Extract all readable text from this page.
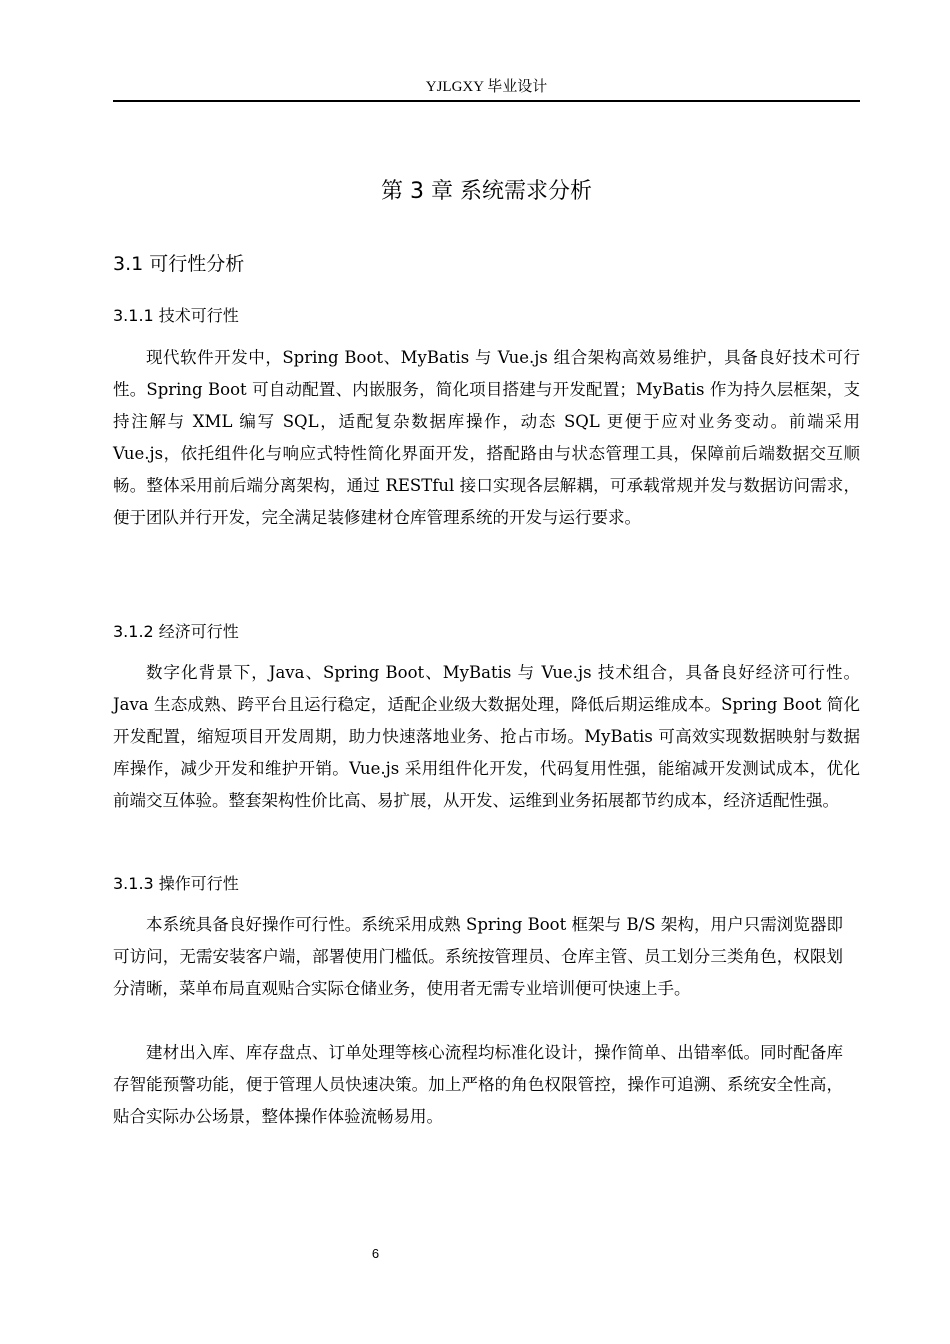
YJLGXY 毕业设计
第 3 章 系统需求分析
3.1 可行性分析
3.1.1 技术可行性

现代软件开发中，Spring Boot、MyBatis 与 Vue.js 组合架构高效易维护，具备良好技术可行性。Spring Boot 可自动配置、内嵌服务，简化项目搭建与开发配置；MyBatis 作为持久层框架，支持注解与 XML 编写 SQL，适配复杂数据库操作，动态 SQL 更便于应对业务变动。前端采用 Vue.js，依托组件化与响应式特性简化界面开发，搭配路由与状态管理工具，保障前后端数据交互顺畅。整体采用前后端分离架构，通过 RESTful 接口实现各层解耦，可承载常规并发与数据访问需求，便于团队并行开发，完全满足装修建材仓库管理系统的开发与运行要求。

3.1.2 经济可行性

数字化背景下，Java、Spring Boot、MyBatis 与 Vue.js 技术组合，具备良好经济可行性。Java 生态成熟、跨平台且运行稳定，适配企业级大数据处理，降低后期运维成本。Spring Boot 简化开发配置，缩短项目开发周期，助力快速落地业务、抢占市场。MyBatis 可高效实现数据映射与数据库操作，减少开发和维护开销。Vue.js 采用组件化开发，代码复用性强，能缩减开发测试成本，优化前端交互体验。整套架构性价比高、易扩展，从开发、运维到业务拓展都节约成本，经济适配性强。

3.1.3 操作可行性

本系统具备良好操作可行性。系统采用成熟 Spring Boot 框架与 B/S 架构，用户只需浏览器即可访问，无需安装客户端，部署使用门槛低。系统按管理员、仓库主管、员工划分三类角色，权限划分清晰，菜单布局直观贴合实际仓储业务，使用者无需专业培训便可快速上手。

建材出入库、库存盘点、订单处理等核心流程均标准化设计，操作简单、出错率低。同时配备库存智能预警功能，便于管理人员快速决策。加上严格的角色权限管控，操作可追溯、系统安全性高，贴合实际办公场景，整体操作体验流畅易用。

6
